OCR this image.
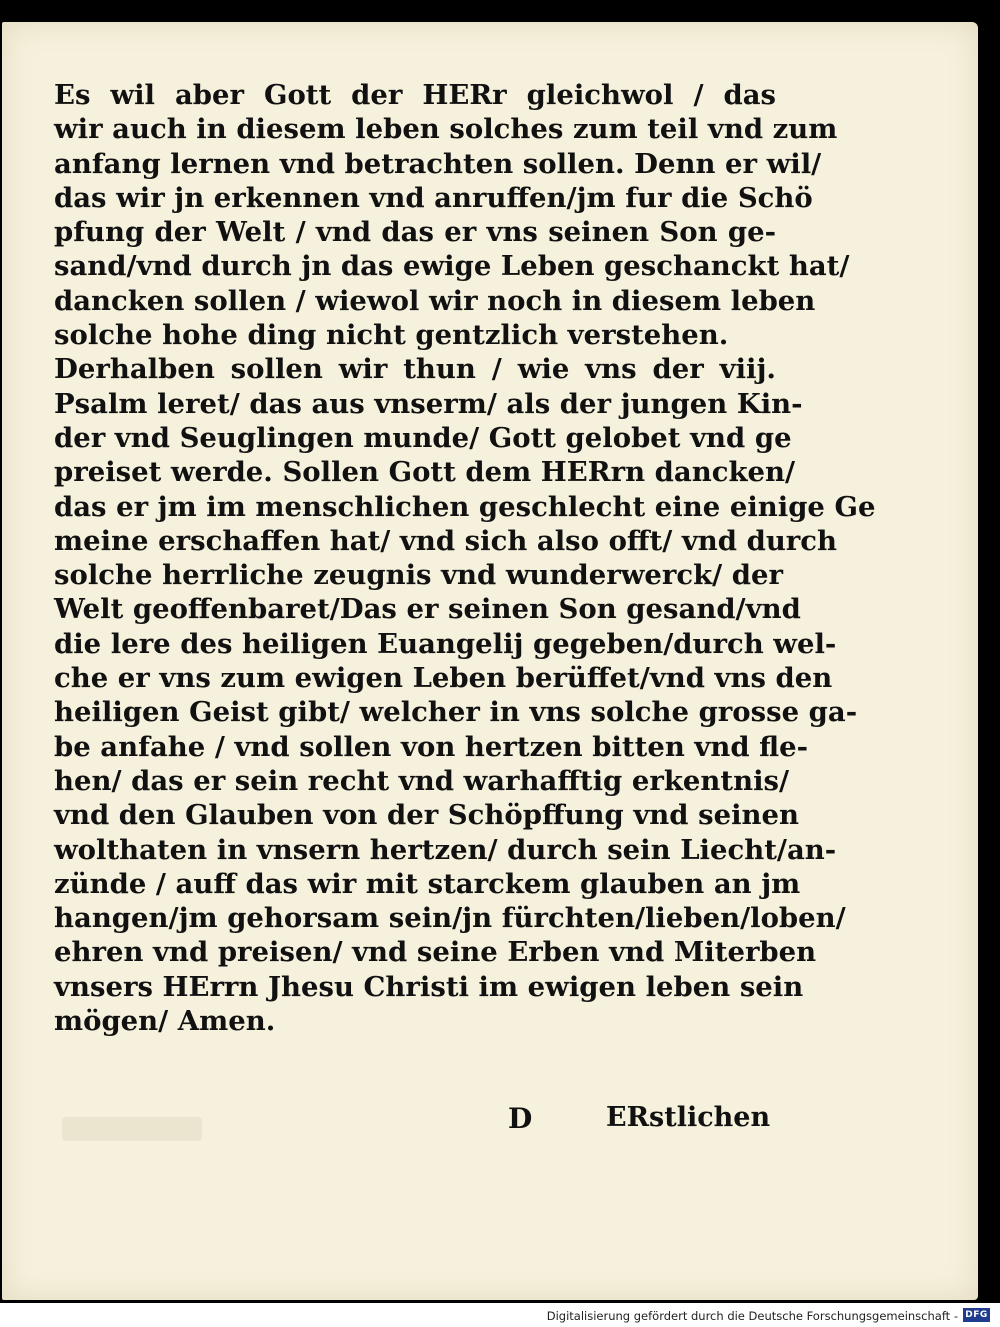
Es wil aber Gott der HERr gleichwol / das
wir auch in diesem leben solches zum teil vnd zum
anfang lernen vnd betrachten sollen. Denn er wil/
das wir jn erkennen vnd anruffen/jm fur die Schö
pfung der Welt / vnd das er vns seinen Son ge-
sand/vnd durch jn das ewige Leben geschanckt hat/
dancken sollen / wiewol wir noch in diesem leben
solche hohe ding nicht gentzlich verstehen.
Derhalben sollen wir thun / wie vns der viij.
Psalm leret/ das aus vnserm/ als der jungen Kin-
der vnd Seuglingen munde/ Gott gelobet vnd ge
preiset werde. Sollen Gott dem HERrn dancken/
das er jm im menschlichen geschlecht eine einige Ge
meine erschaffen hat/ vnd sich also offt/ vnd durch
solche herrliche zeugnis vnd wunderwerck/ der
Welt geoffenbaret/Das er seinen Son gesand/vnd
die lere des heiligen Euangelij gegeben/durch wel-
che er vns zum ewigen Leben berüffet/vnd vns den
heiligen Geist gibt/ welcher in vns solche grosse ga-
be anfahe / vnd sollen von hertzen bitten vnd fle-
hen/ das er sein recht vnd warhafftig erkentnis/
vnd den Glauben von der Schöpffung vnd seinen
wolthaten in vnsern hertzen/ durch sein Liecht/an-
zünde / auff das wir mit starckem glauben an jm
hangen/jm gehorsam sein/jn fürchten/lieben/loben/
ehren vnd preisen/ vnd seine Erben vnd Miterben
vnsers HErrn Jhesu Christi im ewigen leben sein
mögen/ Amen.
D	ERstlichen
Digitalisierung gefördert durch die Deutsche Forschungsgemeinschaft - DFG
